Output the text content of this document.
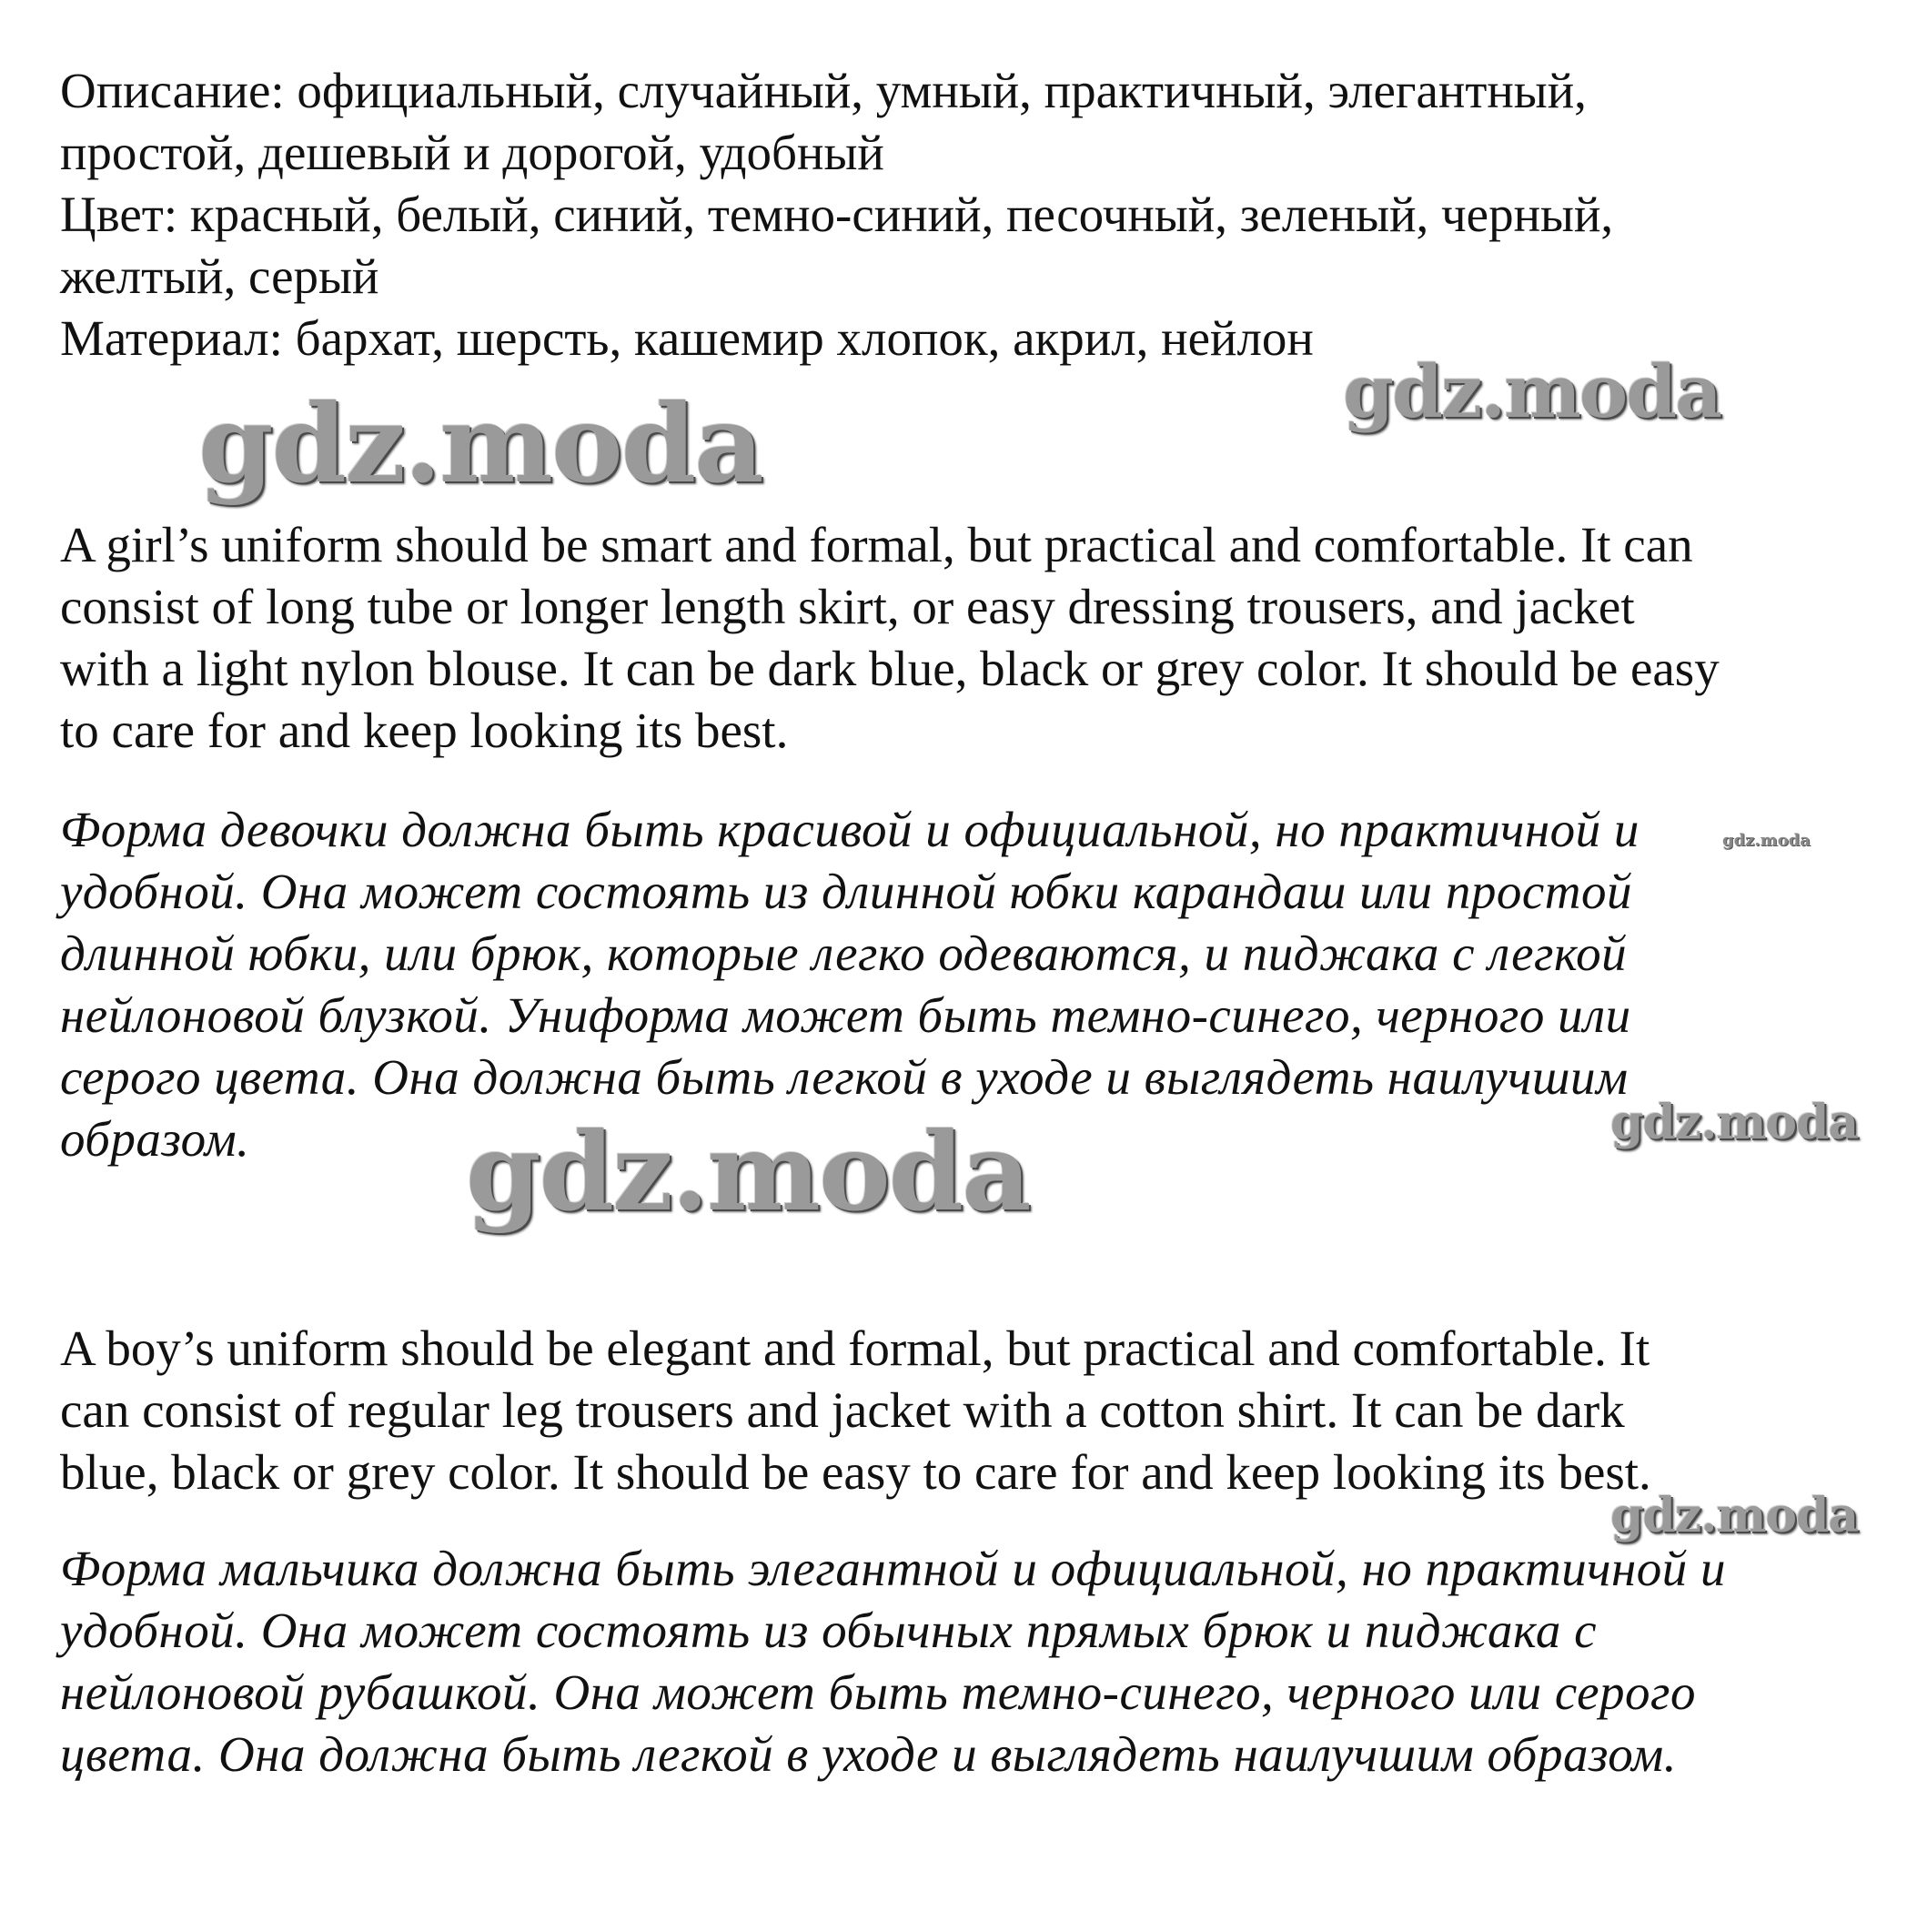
Описание: официальный, случайный, умный, практичный, элегантный,
простой, дешевый и дорогой, удобный
Цвет: красный, белый, синий, темно-синий, песочный, зеленый, черный,
желтый, серый
Материал: бархат, шерсть, кашемир хлопок, акрил, нейлон

A girl’s uniform should be smart and formal, but practical and comfortable. It can
consist of long tube or longer length skirt, or easy dressing trousers, and jacket
with a light nylon blouse. It can be dark blue, black or grey color. It should be easy
to care for and keep looking its best.

Форма девочки должна быть красивой и официальной, но практичной и
удобной. Она может состоять из длинной юбки карандаш или простой
длинной юбки, или брюк, которые легко одеваются, и пиджака с легкой
нейлоновой блузкой. Униформа может быть темно-синего, черного или
серого цвета. Она должна быть легкой в уходе и выглядеть наилучшим
образом.

A boy’s uniform should be elegant and formal, but practical and comfortable. It
can consist of regular leg trousers and jacket with a cotton shirt. It can be dark
blue, black or grey color. It should be easy to care for and keep looking its best.

Форма мальчика должна быть элегантной и официальной, но практичной и
удобной. Она может состоять из обычных прямых брюк и пиджака с
нейлоновой рубашкой. Она может быть темно-синего, черного или серого
цвета. Она должна быть легкой в уходе и выглядеть наилучшим образом.

gdz.moda	gdz.moda
gdz.moda	gdz.moda
gdz.moda
gdz.moda
